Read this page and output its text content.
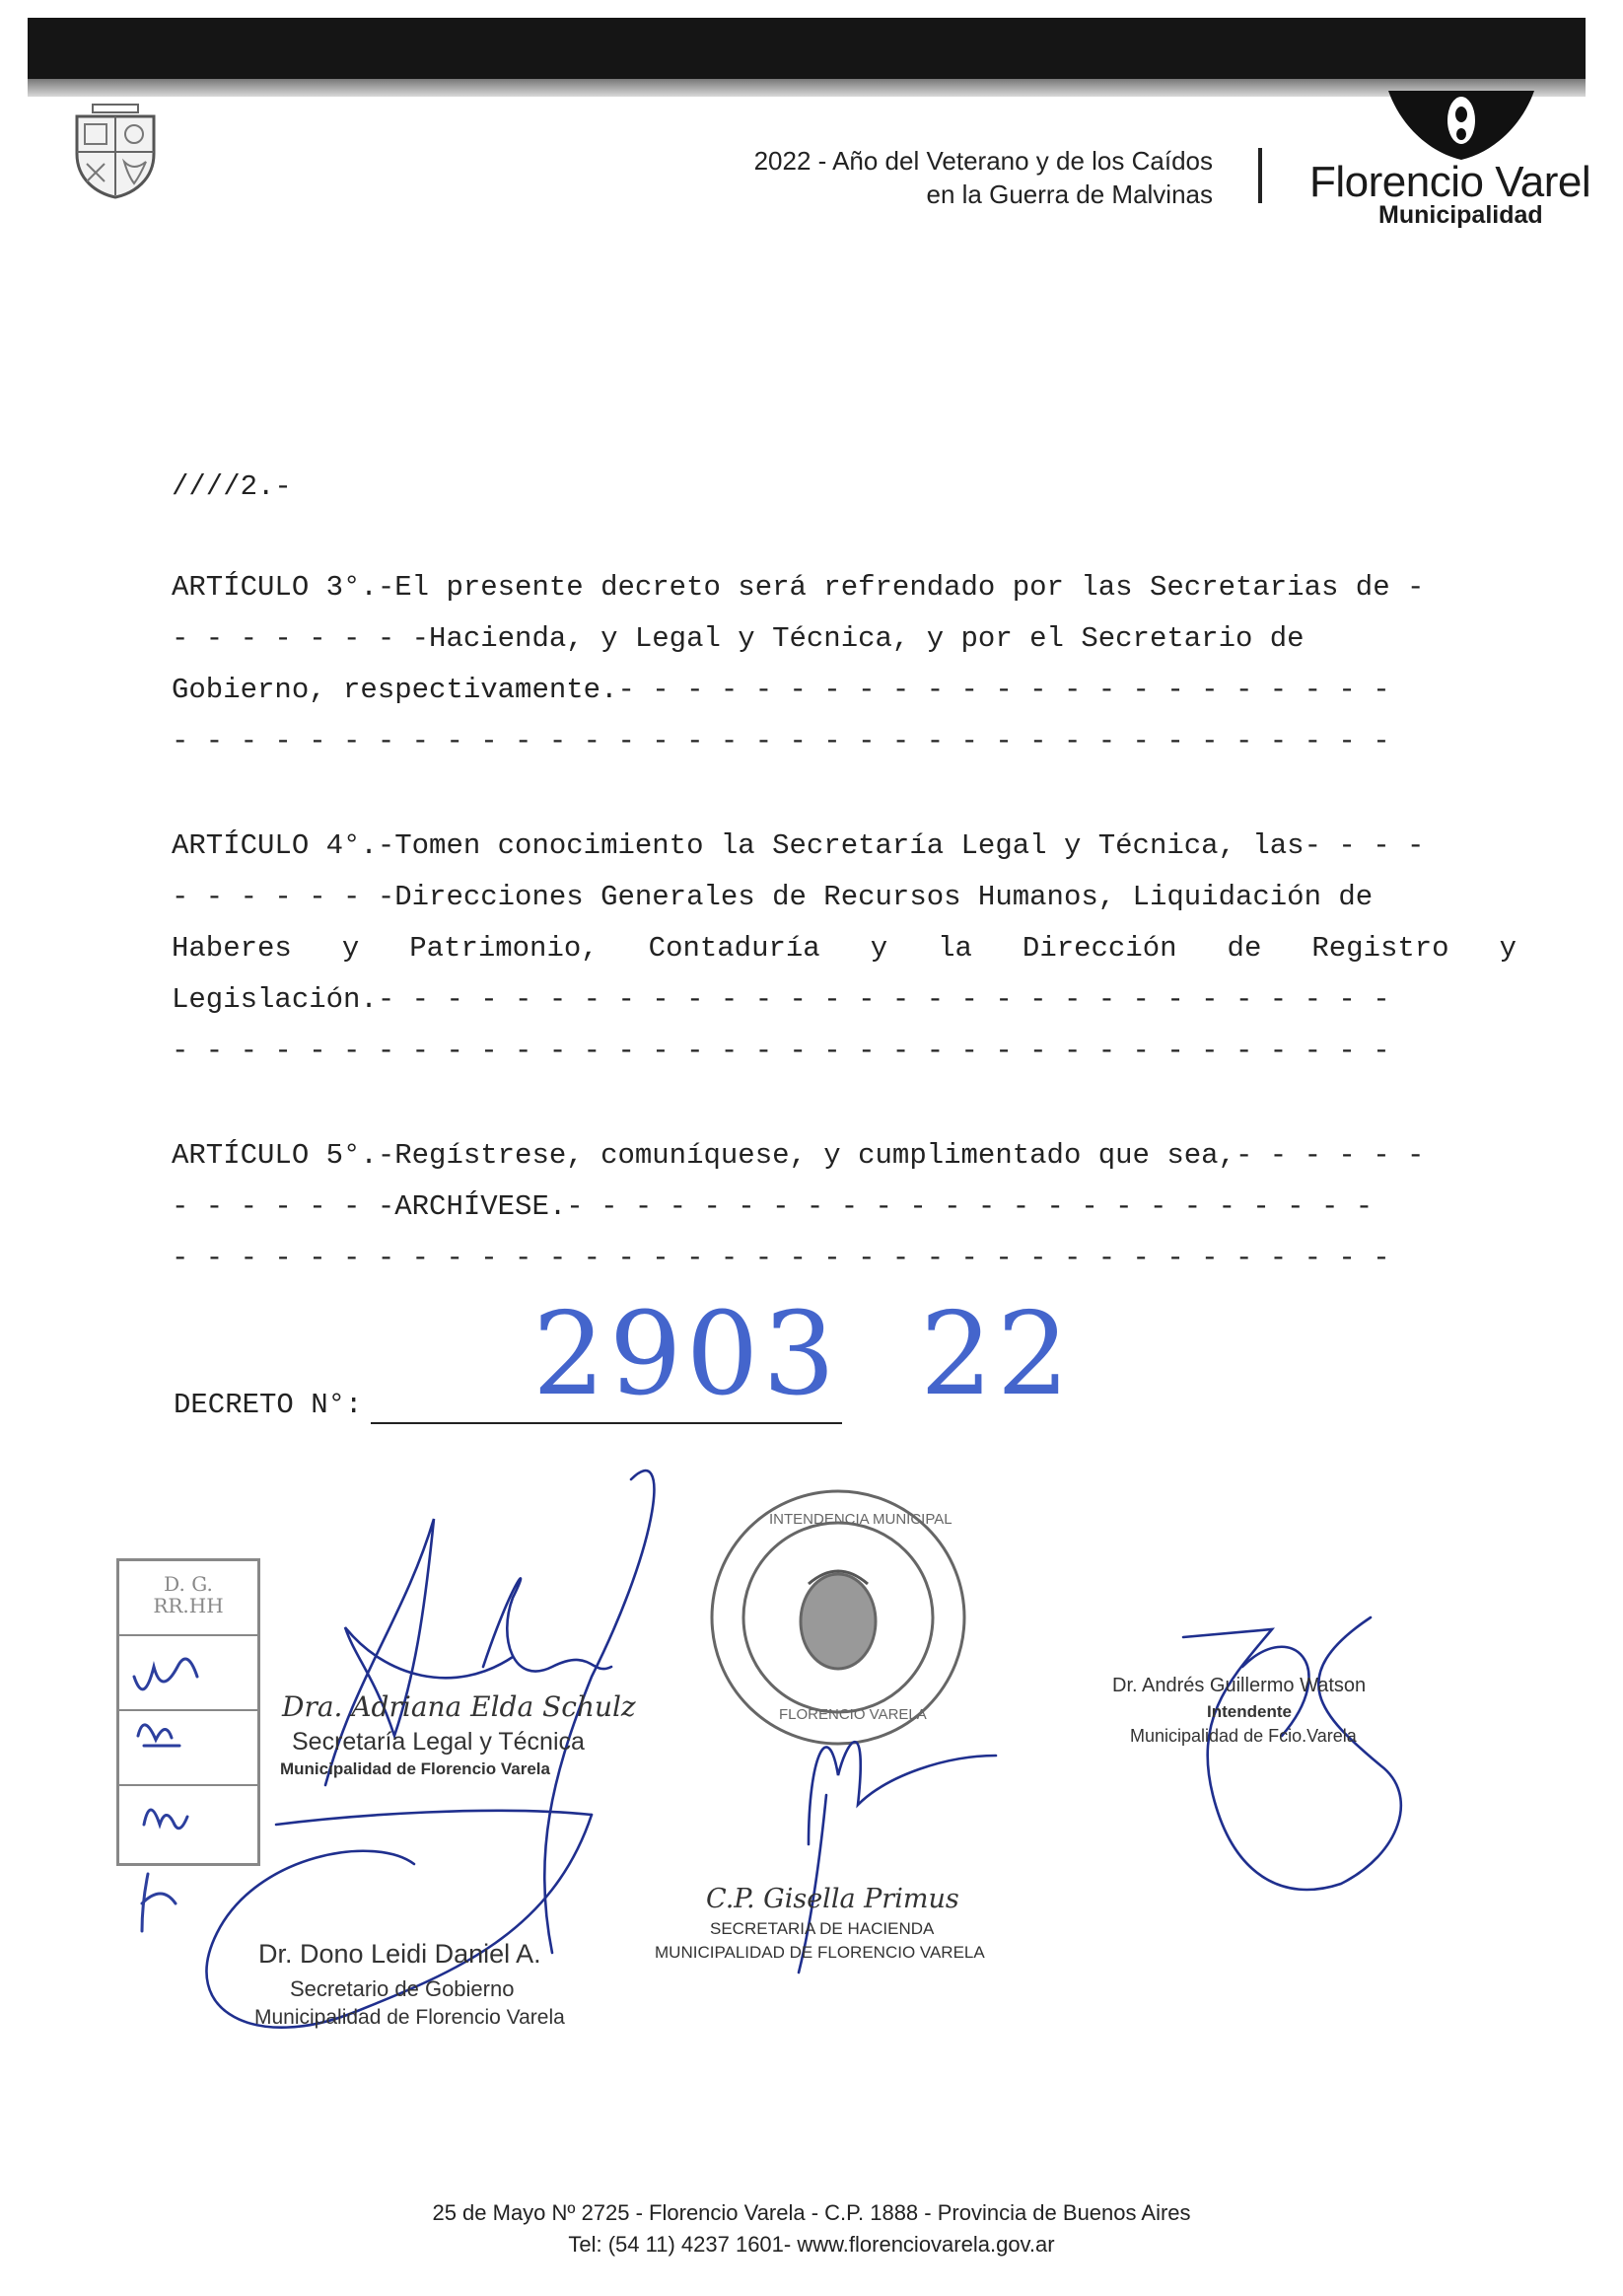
2022 - Año del Veterano y de los Caídos
en la Guerra de Malvinas Florencio Varel
Municipalidad
////2.-
ARTÍCULO 3°.-El presente decreto será refrendado por las Secretarias de -
- - - - - - - -Hacienda, y Legal y Técnica, y por el Secretario de
Gobierno, respectivamente.- - - - - - - - - - - - - - - - - - - - - - -
- - - - - - - - - - - - - - - - - - - - - - - - - - - - - - - - - - - -
ARTÍCULO 4°.-Tomen conocimiento la Secretaría Legal y Técnica, las- - - -
- - - - - - -Direcciones Generales de Recursos Humanos, Liquidación de
Haberes y Patrimonio, Contaduría y la Dirección de Registro y
Legislación.- - - - - - - - - - - - - - - - - - - - - - - - - - - - - -
- - - - - - - - - - - - - - - - - - - - - - - - - - - - - - - - - - - -
ARTÍCULO 5°.-Regístrese, comuníquese, y cumplimentado que sea,- - - - - -
- - - - - - -ARCHÍVESE.- - - - - - - - - - - - - - - - - - - - - - - -
- - - - - - - - - - - - - - - - - - - - - - - - - - - - - - - - - - - -
2903  22
DECRETO N°:
D. G.
RR.HH
Dra. Adriana Elda Schulz
Secretaría Legal y Técnica
Municipalidad de Florencio Varela
Dr. Dono Leidi Daniel A.
Secretario de Gobierno
Municipalidad de Florencio Varela
INTENDENCIA MUNICIPAL
FLORENCIO VARELA
C.P. Gisella Primus
SECRETARIA DE HACIENDA
MUNICIPALIDAD DE FLORENCIO VARELA
Dr. Andrés Guillermo Watson
Intendente
Municipalidad de Fcio.Varela
25 de Mayo Nº 2725 - Florencio Varela - C.P. 1888 - Provincia de Buenos Aires
Tel: (54 11) 4237 1601- www.florenciovarela.gov.ar
